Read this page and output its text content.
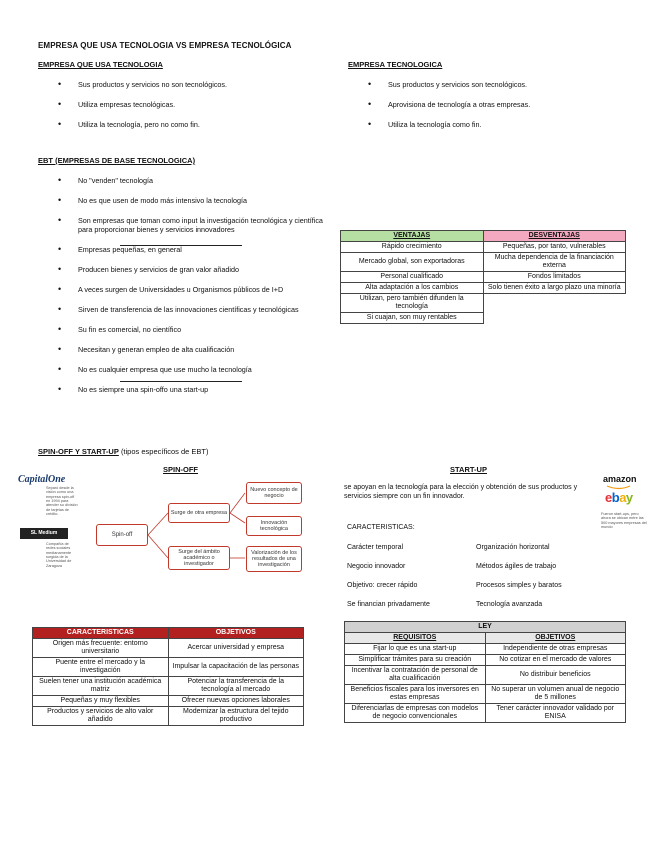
EMPRESA QUE USA TECNOLOGIA VS EMPRESA TECNOLÓGICA
EMPRESA QUE USA TECNOLOGIA
• Sus productos y servicios no son tecnológicos.
• Utiliza empresas tecnológicas.
• Utiliza la tecnología, pero no como fin.
EMPRESA TECNOLOGICA
• Sus productos y servicios son tecnológicos.
• Aprovisiona de tecnología a otras empresas.
• Utiliza la tecnología como fin.
EBT (EMPRESAS DE BASE TECNOLOGICA)
• No "venden" tecnología
• No es que usen de modo más intensivo la tecnología
• Son empresas que toman como input la investigación tecnológica y científica para proporcionar bienes y servicios innovadores
• Empresas pequeñas, en general
• Producen bienes y servicios de gran valor añadido
• A veces surgen de Universidades u Organismos públicos de I+D
• Sirven de transferencia de las innovaciones científicas y tecnológicas
• Su fin es comercial, no científico
• Necesitan y generan empleo de alta cualificación
• No es cualquier empresa que use mucho la tecnología
• No es siempre una spin-offo una start-up
VENTAJAS	DESVENTAJAS
Rápido crecimiento	Pequeñas, por tanto, vulnerables
Mercado global, son exportadoras	Mucha dependencia de la financiación externa
Personal cualificado	Fondos limitados
Alta adaptación a los cambios	Solo tienen éxito a largo plazo una minoría
Utilizan, pero también difunden la tecnología	
Si cuajan, son muy rentables	
SPIN-OFF Y START-UP (tipos específicos de EBT)
SPIN-OFF	START-UP
CapitalOne
Separó desde la visión como una empresa spin-off en 1994 para atender su división de tarjetas de crédito.
SL Medium
Compañía de redes sociales medianamente surgida de la Universidad de Zaragoza
Spin-off
Surge de otra empresa
Surge del ámbito académico o investigador
Nuevo concepto de negocio
Innovación tecnológica
Valorización de los resultados de una investigación
se apoyan en la tecnología para la elección y obtención de sus productos y servicios siempre con un fin innovador.
CARACTERISTICAS:
Carácter temporal	Organización horizontal
Negocio innovador	Métodos ágiles de trabajo
Objetivo: crecer rápido	Procesos simples y baratos
Se financian privadamente	Tecnología avanzada
amazon
ebay
Fueron start-ups, pero ahora se ubican entre las 500 mayores empresas del mundo
CARACTERISTICAS	OBJETIVOS
Origen más frecuente: entorno universitario	Acercar universidad y empresa
Puente entre el mercado y la investigación	Impulsar la capacitación de las personas
Suelen tener una institución académica matriz	Potenciar la transferencia de la tecnología al mercado
Pequeñas y muy flexibles	Ofrecer nuevas opciones laborales
Productos y servicios de alto valor añadido	Modernizar la estructura del tejido productivo
LEY	
REQUISITOS	OBJETIVOS
Fijar lo que es una start-up	Independiente de otras empresas
Simplificar trámites para su creación	No cotizar en el mercado de valores
Incentivar la contratación de personal de alta cualificación	No distribuir beneficios
Beneficios fiscales para los inversores en estas empresas	No superar un volumen anual de negocio de 5 millones
Diferenciarlas de empresas con modelos de negocio convencionales	Tener carácter innovador validado por ENISA
